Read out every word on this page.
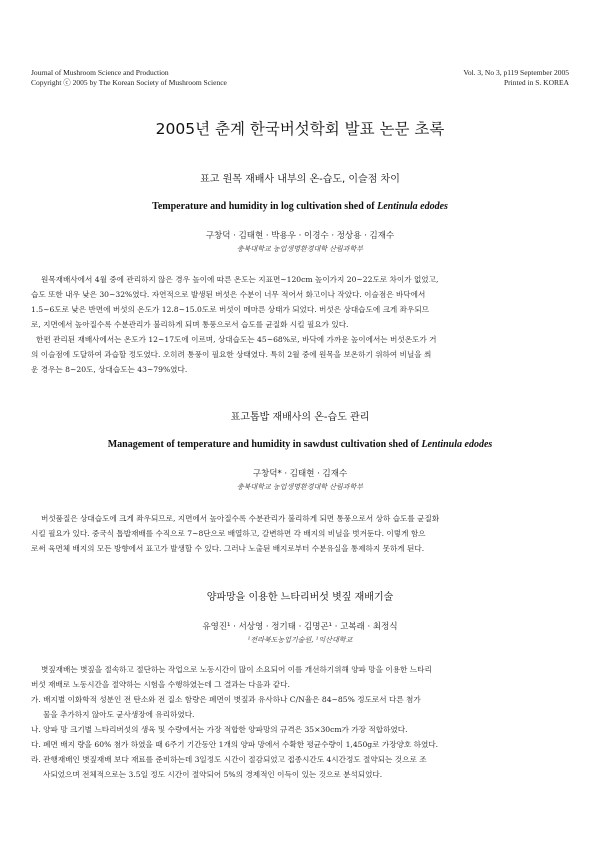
Journal of Mushroom Science and Production
Copyright ⓒ 2005 by The Korean Society of Mushroom Science
Vol. 3, No 3, p119 September 2005
Printed in S. KOREA
2005년 춘계 한국버섯학회 발표 논문 초록

표고 원목 재배사 내부의 온-습도, 이슬점 차이

Temperature and humidity in log cultivation shed of Lentinula edodes

구창덕 · 김태현 · 박용우 · 이경수 · 정상용 · 김재수

충북대학교 농업생명환경대학 산림과학부

원목재배사에서 4월 중에 관리하지 않은 경우 높이에 따른 온도는 지표면~120cm 높이가지 20~22도로 차이가 없었고,
습도 또한 내우 낮은 30~32%였다. 자연적으로 발생된 버섯은 수분이 너무 적어서 화고이나 작았다. 이슬점은 바닥에서
1.5~6도로 낮은 반면에 버섯의 온도가 12.8~15.0도로 버섯이 메마른 상태가 되었다. 버섯은 상대습도에 크게 좌우되므
로, 지면에서 높아질수록 수분관리가 불리하게 되며 통풍으로서 습도를 균질화 시킬 필요가 있다.
한편 관리된 재배사에서는 온도가 12~17도에 이르며, 상대습도는 45~68%로, 바닥에 가까운 높이에서는 버섯온도가 거
의 이슬점에 도달하여 과습할 정도였다. 오히려 통풍이 필요한 상태였다. 특히 2월 중에 원목을 보온하기 위하여 비닐을 씌
운 경우는 8~20도, 상대습도는 43~79%였다.

표고톱밥 재배사의 온-습도 관리

Management of temperature and humidity in sawdust cultivation shed of Lentinula edodes

구창덕* · 김태현 · 김재수

충북대학교 농업생명환경대학 산림과학부

버섯품질은 상대습도에 크게 좌우되므로, 지면에서 높아질수록 수분관리가 불리하게 되면 통풍으로서 상하 습도를 균질화
시킬 필요가 있다. 중국식 톱밥재배를 수직으로 7~8단으로 배열하고, 갈변하면 각 배지의 비닐을 벗겨둔다. 이렇게 함으
로써 육면체 배지의 모든 방향에서 표고가 발생할 수 있다. 그러나 노출된 배지로부터 수분유실을 통제하지 못하게 된다.

양파망을 이용한 느타리버섯 볏짚 재배기술

유영진¹ · 서상영 · 정기태 · 김명곤¹ · 고복래 · 최정식

¹전라북도농업기술원, ¹익산대학교

볏짚재배는 볏짚을 절속하고 절단하는 작업으로 노동시간이 많이 소요되어 이를 개선하기위해 양파 망을 이용한 느타리
버섯 재배로 노동시간을 절약하는 시험을 수행하였는데 그 결과는 다음과 같다.
가. 배지별 이화학적 성분인 전 탄소와 전 질소 함량은 폐면이 볏짚과 유사하나 C/N율은 84~85% 정도로서 다른 첨가
물을 추가하지 않아도 균사생장에 유리하였다.
나. 양파 망 크기별 느타리버섯의 생육 및 수량에서는 가장 적합한 양파망의 규격은 35×30cm가 가장 적합하였다.
다. 폐면 배지 량을 60% 첨가 하였을 때 6주기 기간동안 1개의 양파 망에서 수확한 평균수량이 1,450g로 가장양호 하였다.
라. 관행재배인 볏짚재배 보다 재료를 준비하는데 3일정도 시간이 절감되었고 접종시간도 4시간정도 절약되는 것으로 조
사되었으며 전체적으로는 3.5일 정도 시간이 절약되어 5%의 경제적인 이득이 있는 것으로 분석되었다.
